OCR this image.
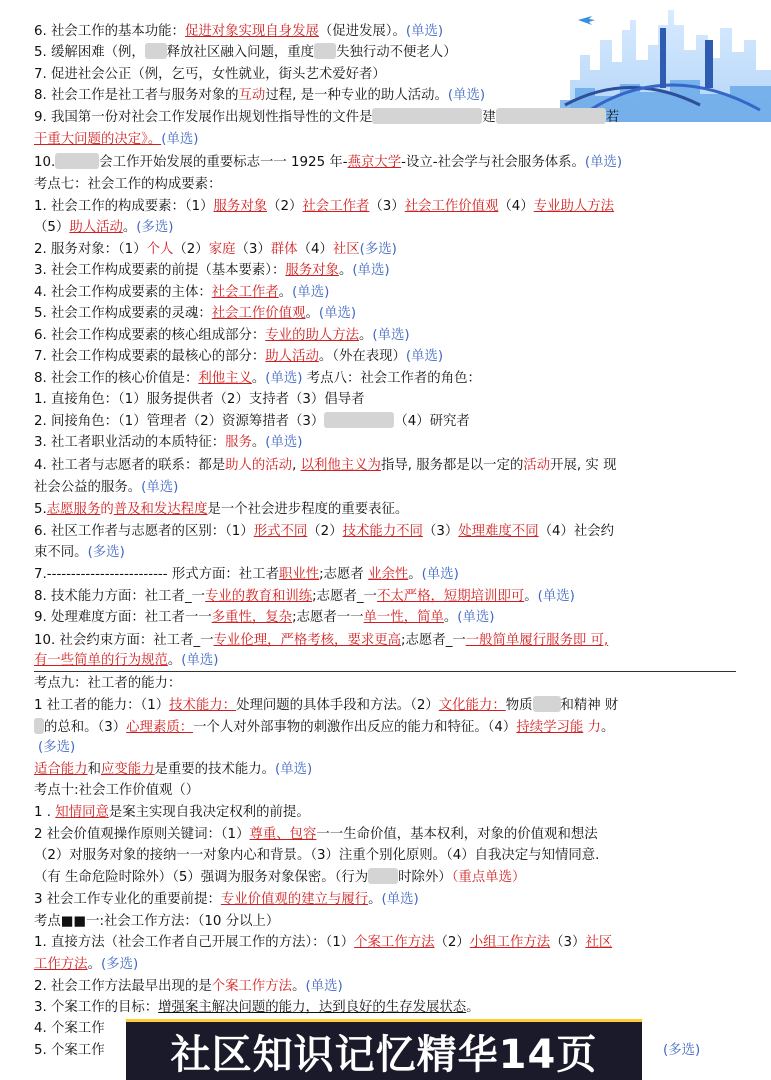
6. 社会工作的基本功能：促进对象实现自身发展（促进发展）。(单选)
5. 缓解困难（例， 释放社区融入问题，重度 失独行动不便老人）
7. 促进社会公正（例，乞丐，女性就业，街头艺术爱好者）
8. 社会工作是社工者与服务对象的互动过程, 是一种专业的助人活动。(单选)
9. 我国第一份对社会工作发展作出规划性指导性的文件是	建	若
干重大问题的决定》。(单选)
10.	会工作开始发展的重要标志一一 1925 年-燕京大学-设立-社会学与社会服务体系。(单选)
考点七：社会工作的构成要素：
1. 社会工作的构成要素：（1）服务对象（2）社会工作者（3）社会工作价值观（4）专业助人方法
（5）助人活动。(多选)
2. 服务对象：（1）个人（2）家庭（3）群体（4）社区(多选)
3. 社会工作构成要素的前提（基本要素）：服务对象。(单选)
4. 社会工作构成要素的主体：社会工作者。(单选)
5. 社会工作构成要素的灵魂：社会工作价值观。(单选)
6. 社会工作构成要素的核心组成部分：专业的助人方法。(单选)
7. 社会工作构成要素的最核心的部分：助人活动。（外在表现）(单选)
8. 社会工作的核心价值是：利他主义。(单选) 考点八：社会工作者的角色：
1. 直接角色：（1）服务提供者（2）支持者（3）倡导者
2. 间接角色：（1）管理者（2）资源筹措者（3）	（4）研究者
3. 社工者职业活动的本质特征：服务。(单选)
4. 社工者与志愿者的联系：都是助人的活动, 以利他主义为指导, 服务都是以一定的活动开展, 实 现
社会公益的服务。(单选)
5.志愿服务的普及和发达程度是一个社会进步程度的重要表征。
6. 社区工作者与志愿者的区别：（1）形式不同（2）技术能力不同（3）处理难度不同（4）社会约
束不同。(多选)
7.------------------------- 形式方面：社工者职业性;志愿者 业余性。(单选)
8. 技术能力方面：社工者_一专业的教育和训练;志愿者_一不太严格，短期培训即可。(单选)
9. 处理难度方面：社工者一一多重性，复杂;志愿者一一单一性，简单。(单选)
10. 社会约束方面：社工者_一专业伦理，严格考核，要求更高;志愿者_一一般简单履行服务即 可,
有一些简单的行为规范。(单选)
考点九：社工者的能力：
1 社工者的能力：（1）技术能力：处理问题的具体手段和方法。（2）文化能力：物质 和精神 财
的总和。（3）心理素质：一个人对外部事物的刺激作出反应的能力和特征。（4）持续学习能 力。
(多选)
适合能力和应变能力是重要的技术能力。(单选)
考点十:社会工作价值观（）
1 . 知情同意是案主实现自我决定权利的前提。
2 社会价值观操作原则关键词：（1）尊重、包容一一生命价值，基本权利，对象的价值观和想法
（2）对服务对象的接纳一一对象内心和背景。（3）注重个别化原则。（4）自我决定与知情同意.
（有 生命危险时除外）（5）强调为服务对象保密。（行为 时除外）（重点单选）
3 社会工作专业化的重要前提：专业价值观的建立与履行。(单选)
考点■■一:社会工作方法：（10 分以上）
1. 直接方法（社会工作者自己开展工作的方法）：（1）个案工作方法（2）小组工作方法（3）社区
工作方法。(多选)
2. 社会工作方法最早出现的是个案工作方法。(单选)
3. 个案工作的目标：增强案主解决问题的能力，达到良好的生存发展状态。
4. 个案工作
5. 个案工作	(多选)
社区知识记忆精华14页
